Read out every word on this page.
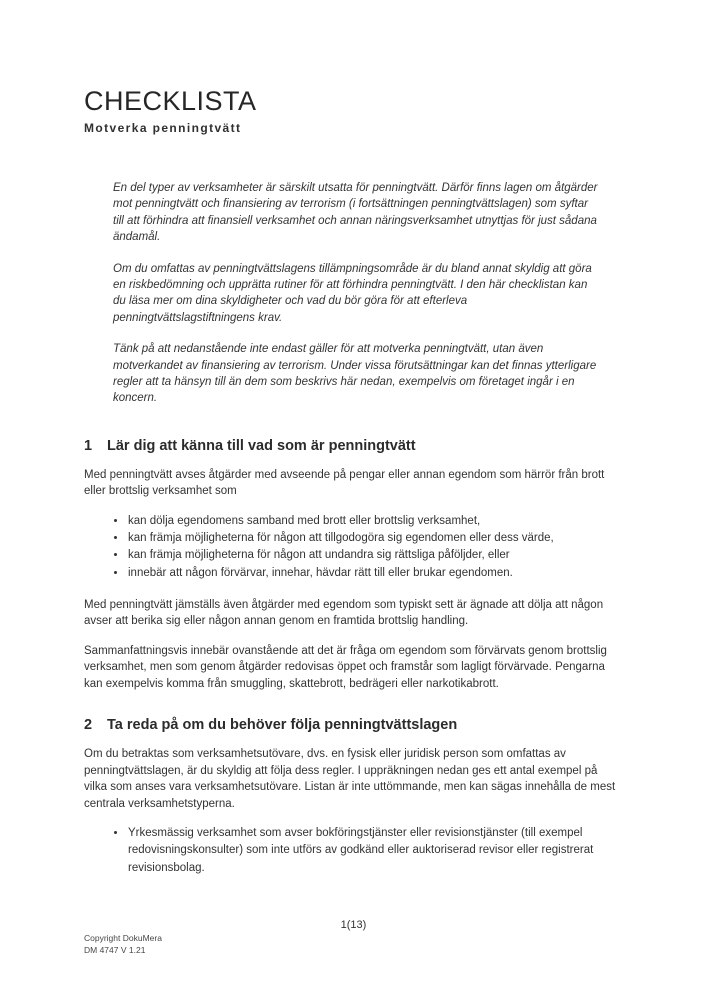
CHECKLISTA
Motverka penningtvätt

En del typer av verksamheter är särskilt utsatta för penningtvätt. Därför finns lagen om åtgärder mot penningtvätt och finansiering av terrorism (i fortsättningen penningtvättslagen) som syftar till att förhindra att finansiell verksamhet och annan näringsverksamhet utnyttjas för just sådana ändamål.

Om du omfattas av penningtvättslagens tillämpningsområde är du bland annat skyldig att göra en riskbedömning och upprätta rutiner för att förhindra penningtvätt. I den här checklistan kan du läsa mer om dina skyldigheter och vad du bör göra för att efterleva penningtvättslagstiftningens krav.

Tänk på att nedanstående inte endast gäller för att motverka penningtvätt, utan även motverkandet av finansiering av terrorism. Under vissa förutsättningar kan det finnas ytterligare regler att ta hänsyn till än dem som beskrivs här nedan, exempelvis om företaget ingår i en koncern.

1 Lär dig att känna till vad som är penningtvätt

Med penningtvätt avses åtgärder med avseende på pengar eller annan egendom som härrör från brott eller brottslig verksamhet som

• kan dölja egendomens samband med brott eller brottslig verksamhet,
• kan främja möjligheterna för någon att tillgodogöra sig egendomen eller dess värde,
• kan främja möjligheterna för någon att undandra sig rättsliga påföljder, eller
• innebär att någon förvärvar, innehar, hävdar rätt till eller brukar egendomen.

Med penningtvätt jämställs även åtgärder med egendom som typiskt sett är ägnade att dölja att någon avser att berika sig eller någon annan genom en framtida brottslig handling.

Sammanfattningsvis innebär ovanstående att det är fråga om egendom som förvärvats genom brottslig verksamhet, men som genom åtgärder redovisas öppet och framstår som lagligt förvärvade. Pengarna kan exempelvis komma från smuggling, skattebrott, bedrägeri eller narkotikabrott.

2 Ta reda på om du behöver följa penningtvättslagen

Om du betraktas som verksamhetsutövare, dvs. en fysisk eller juridisk person som omfattas av penningtvättslagen, är du skyldig att följa dess regler. I uppräkningen nedan ges ett antal exempel på vilka som anses vara verksamhetsutövare. Listan är inte uttömmande, men kan sägas innehålla de mest centrala verksamhetstyperna.

• Yrkesmässig verksamhet som avser bokföringstjänster eller revisionstjänster (till exempel redovisningskonsulter) som inte utförs av godkänd eller auktoriserad revisor eller registrerat revisionsbolag.
1(13)
Copyright DokuMera
DM 4747 V 1.21
